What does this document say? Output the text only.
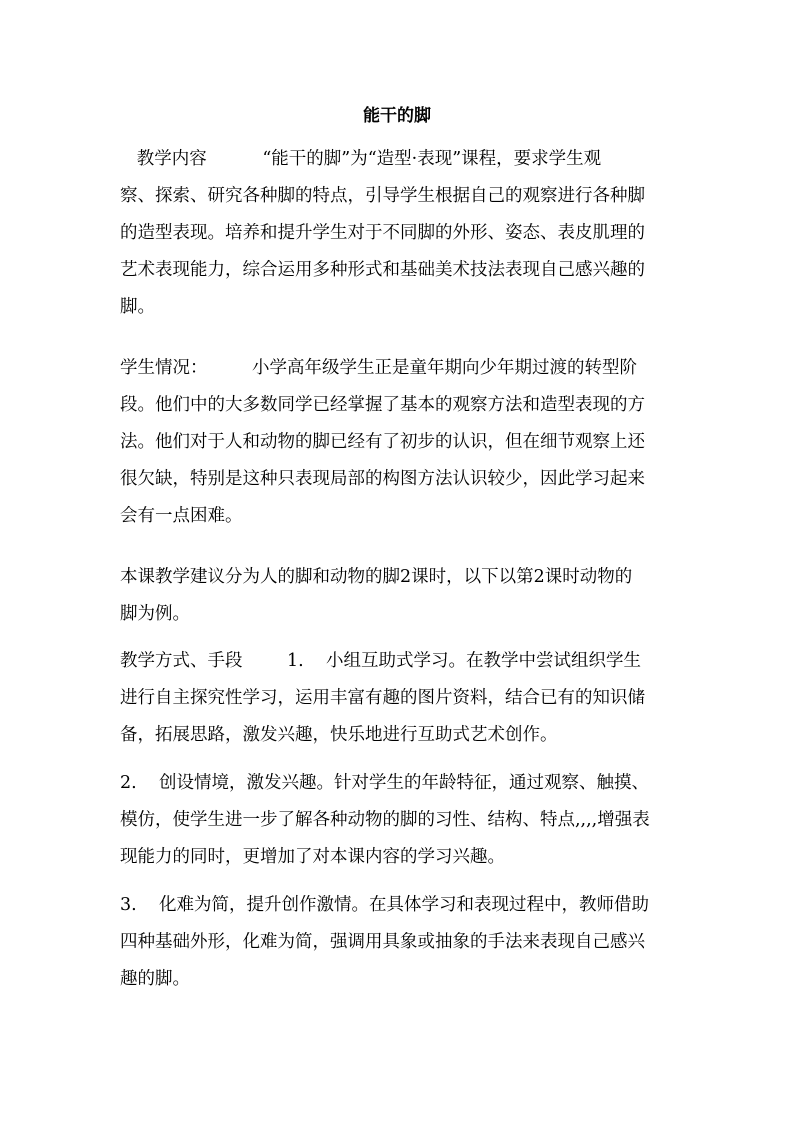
能干的脚
教学内容          “能干的脚”为“造型·表现”课程，要求学生观
察、探索、研究各种脚的特点，引导学生根据自己的观察进行各种脚
的造型表现。培养和提升学生对于不同脚的外形、姿态、表皮肌理的
艺术表现能力，综合运用多种形式和基础美术技法表现自己感兴趣的
脚。
学生情况：        小学高年级学生正是童年期向少年期过渡的转型阶
段。他们中的大多数同学已经掌握了基本的观察方法和造型表现的方
法。他们对于人和动物的脚已经有了初步的认识，但在细节观察上还
很欠缺，特别是这种只表现局部的构图方法认识较少，因此学习起来
会有一点困难。
本课教学建议分为人的脚和动物的脚2课时，以下以第2课时动物的
脚为例。
教学方式、手段        1.    小组互助式学习。在教学中尝试组织学生
进行自主探究性学习，运用丰富有趣的图片资料，结合已有的知识储
备，拓展思路，激发兴趣，快乐地进行互助式艺术创作。
2.    创设情境，激发兴趣。针对学生的年龄特征，通过观察、触摸、
模仿，使学生进一步了解各种动物的脚的习性、结构、特点,,,,增强表
现能力的同时，更增加了对本课内容的学习兴趣。
3.    化难为简，提升创作激情。在具体学习和表现过程中，教师借助
四种基础外形，化难为简，强调用具象或抽象的手法来表现自己感兴
趣的脚。
